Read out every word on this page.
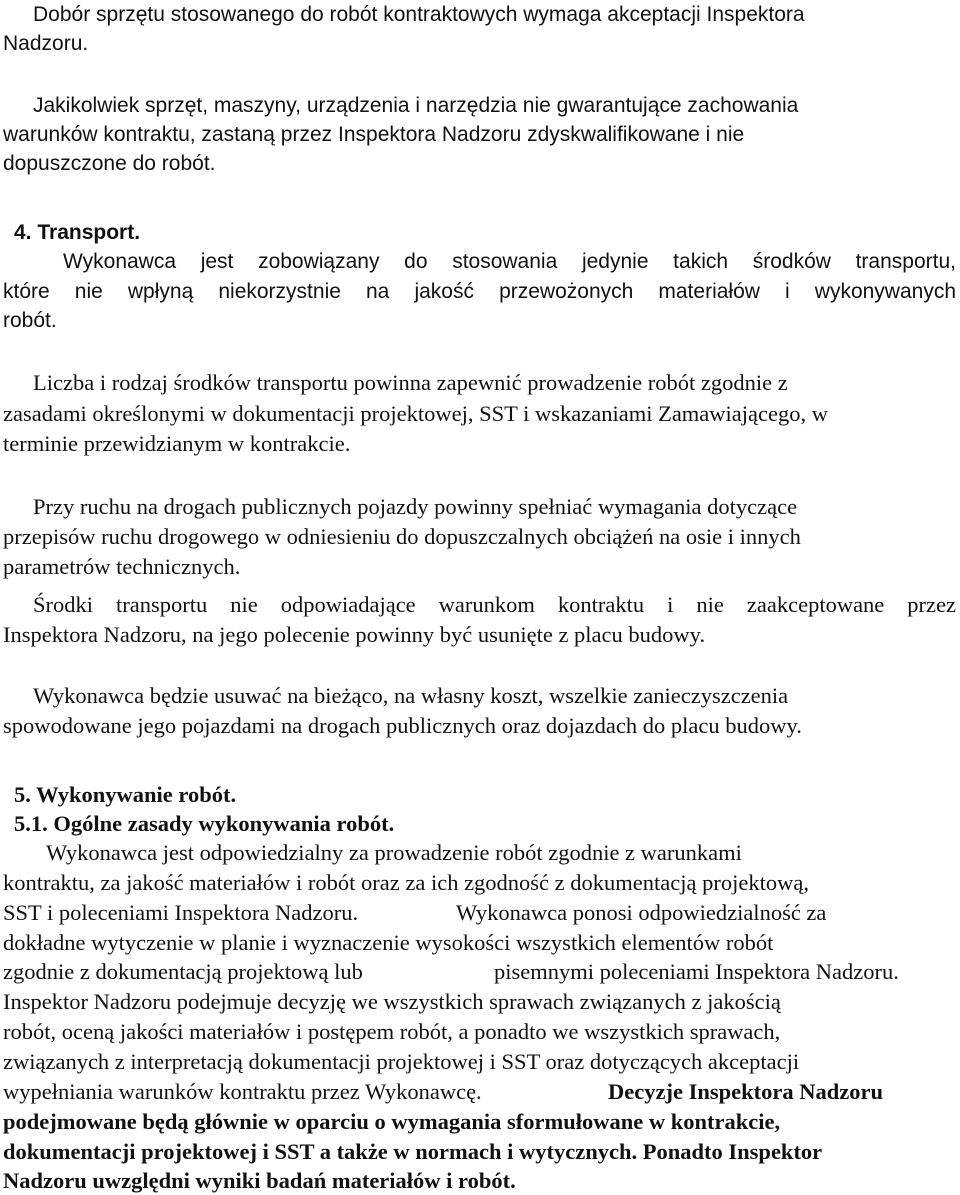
Dobór sprzętu stosowanego do robót kontraktowych wymaga akceptacji Inspektora
Nadzoru.
Jakikolwiek sprzęt, maszyny, urządzenia i narzędzia nie gwarantujące zachowania
warunków kontraktu, zastaną przez Inspektora Nadzoru zdyskwalifikowane i nie
dopuszczone do robót.
4. Transport.
Wykonawca jest zobowiązany do stosowania jedynie takich środków transportu,
które nie wpłyną niekorzystnie na jakość przewożonych materiałów i wykonywanych
robót.
Liczba i rodzaj środków transportu powinna zapewnić prowadzenie robót zgodnie z
zasadami określonymi w dokumentacji projektowej, SST i wskazaniami Zamawiającego, w
terminie przewidzianym w kontrakcie.
Przy ruchu na drogach publicznych pojazdy powinny spełniać wymagania dotyczące
przepisów ruchu drogowego w odniesieniu do dopuszczalnych obciążeń na osie i innych
parametrów technicznych.
Środki transportu nie odpowiadające warunkom kontraktu i nie zaakceptowane przez
Inspektora Nadzoru, na jego polecenie powinny być usunięte z placu budowy.
Wykonawca będzie usuwać na bieżąco, na własny koszt, wszelkie zanieczyszczenia
spowodowane jego pojazdami na drogach publicznych oraz dojazdach do placu budowy.
5. Wykonywanie robót.
5.1. Ogólne zasady wykonywania robót.
Wykonawca jest odpowiedzialny za prowadzenie robót zgodnie z warunkami
kontraktu, za jakość materiałów i robót oraz za ich zgodność z dokumentacją projektową,
SST i poleceniami Inspektora Nadzoru.	Wykonawca ponosi odpowiedzialność za
dokładne wytyczenie w planie i wyznaczenie wysokości wszystkich elementów robót
zgodnie z dokumentacją projektową lub	pisemnymi poleceniami Inspektora Nadzoru.
Inspektor Nadzoru podejmuje decyzję we wszystkich sprawach związanych z jakością
robót, oceną jakości materiałów i postępem robót, a ponadto we wszystkich sprawach,
związanych z interpretacją dokumentacji projektowej i SST oraz dotyczących akceptacji
wypełniania warunków kontraktu przez Wykonawcę.	Decyzje Inspektora Nadzoru
podejmowane będą głównie w oparciu o wymagania sformułowane w kontrakcie,
dokumentacji projektowej i SST a także w normach i wytycznych. Ponadto Inspektor
Nadzoru uwzględni wyniki badań materiałów i robót.
